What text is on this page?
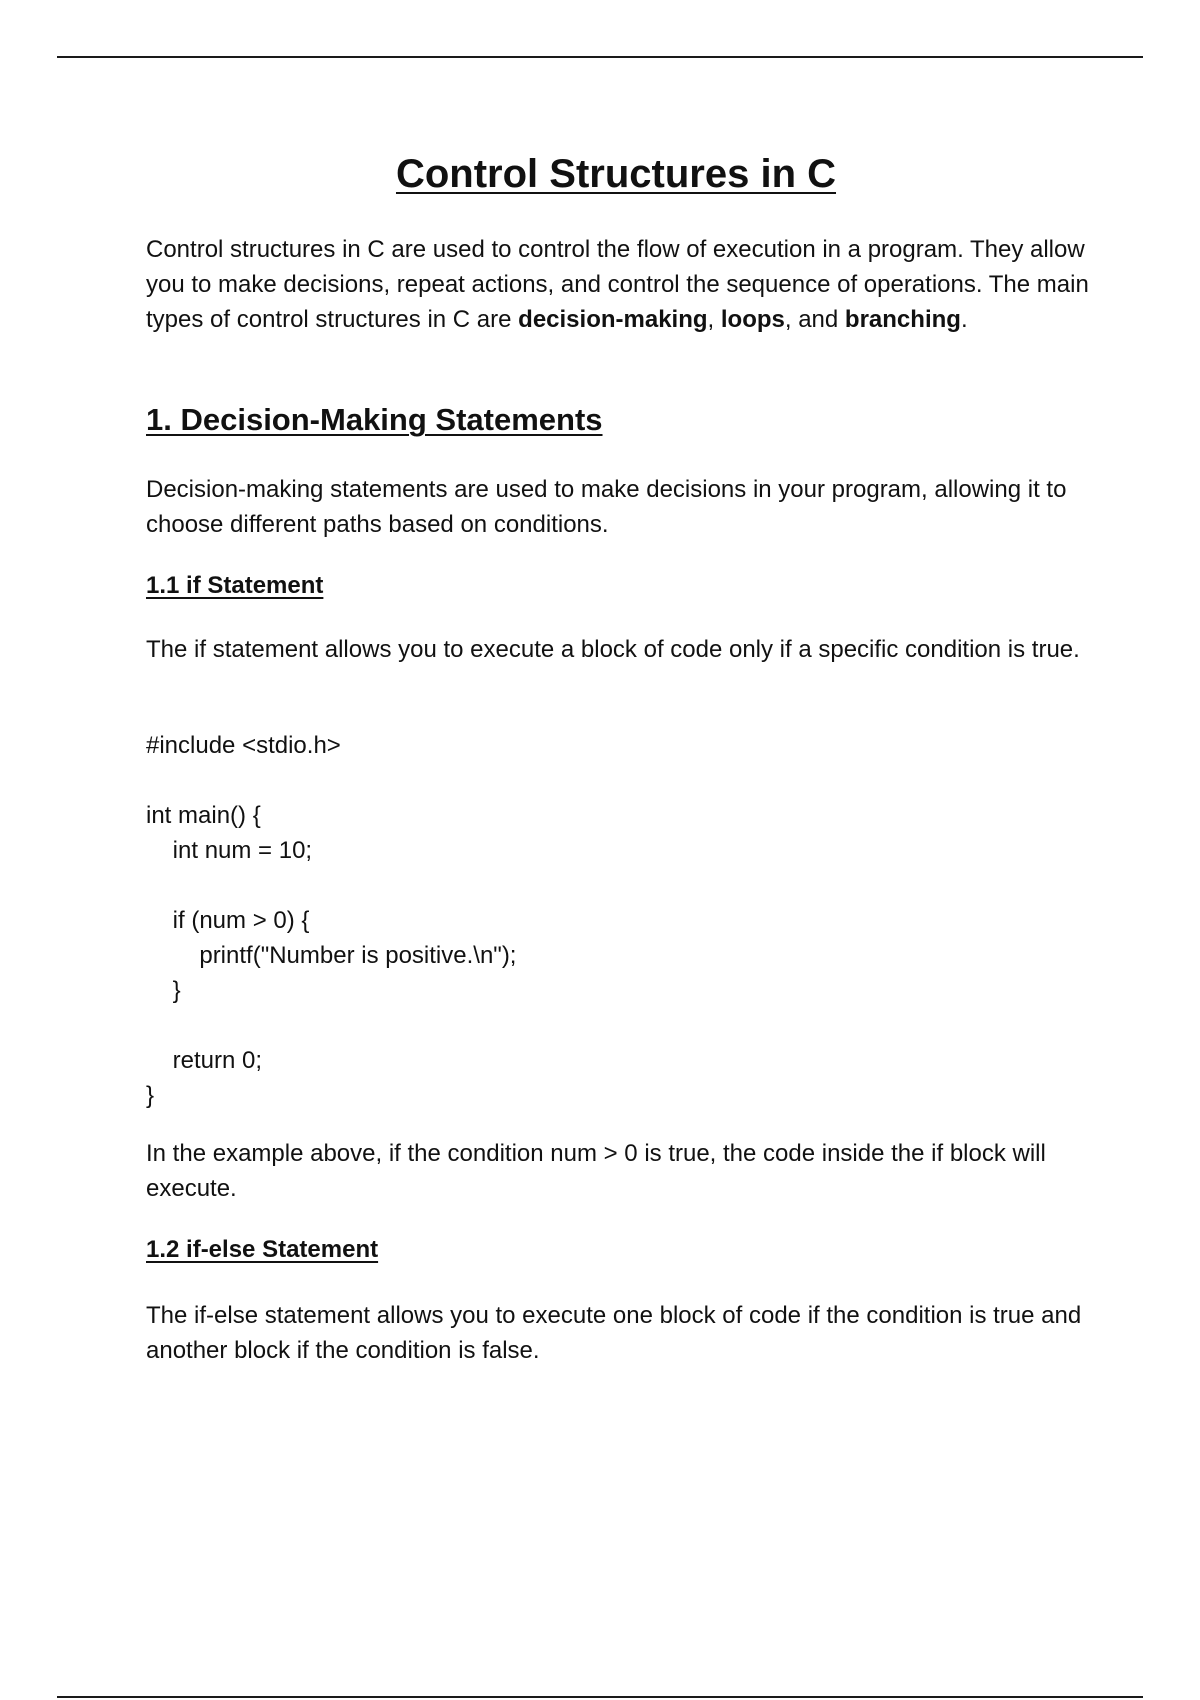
Control Structures in C

Control structures in C are used to control the flow of execution in a program. They allow you to make decisions, repeat actions, and control the sequence of operations. The main types of control structures in C are decision-making, loops, and branching.

1. Decision-Making Statements

Decision-making statements are used to make decisions in your program, allowing it to choose different paths based on conditions.

1.1 if Statement

The if statement allows you to execute a block of code only if a specific condition is true.

#include <stdio.h>
int main() {
int num = 10;
if (num > 0) {
printf("Number is positive.\n");
}
return 0;
}

In the example above, if the condition num > 0 is true, the code inside the if block will execute.

1.2 if-else Statement

The if-else statement allows you to execute one block of code if the condition is true and another block if the condition is false.
